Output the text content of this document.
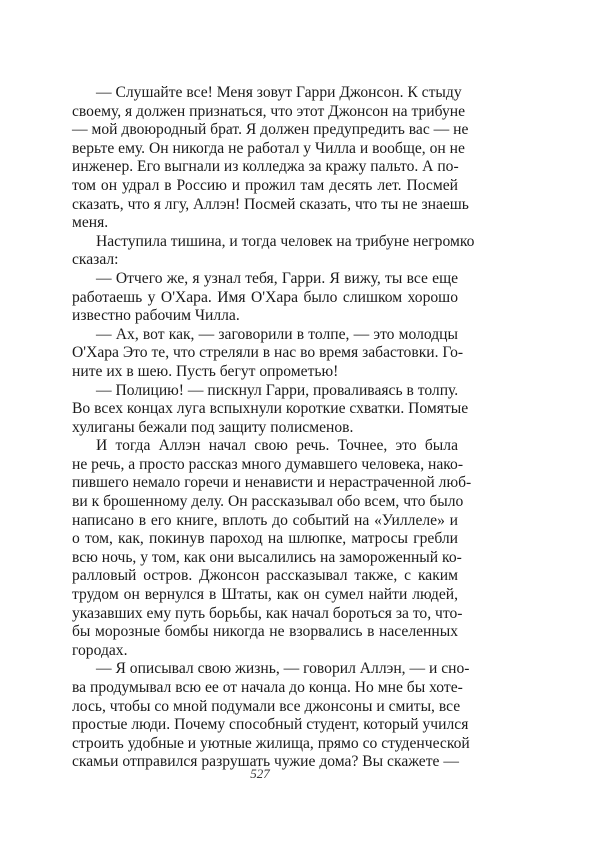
— Слушайте все! Меня зовут Гарри Джонсон. К стыду
своему, я должен признаться, что этот Джонсон на трибуне
— мой двоюродный брат. Я должен предупредить вас — не
верьте ему. Он никогда не работал у Чилла и вообще, он не
инженер. Его выгнали из колледжа за кражу пальто. А по-
том он удрал в Россию и прожил там десять лет. Посмей
сказать, что я лгу, Аллэн! Посмей сказать, что ты не знаешь
меня.
Наступила тишина, и тогда человек на трибуне негромко
сказал:
— Отчего же, я узнал тебя, Гарри. Я вижу, ты все еще
работаешь у О'Хара. Имя О'Хара было слишком хорошо
известно рабочим Чилла.
— Ах, вот как, — заговорили в толпе, — это молодцы
О'Хара Это те, что стреляли в нас во время забастовки. Го-
ните их в шею. Пусть бегут опрометью!
— Полицию! — пискнул Гарри, проваливаясь в толпу.
Во всех концах луга вспыхнули короткие схватки. Помятые
хулиганы бежали под защиту полисменов.
И тогда Аллэн начал свою речь. Точнее, это была
не речь, а просто рассказ много думавшего человека, нако-
пившего немало горечи и ненависти и нерастраченной люб-
ви к брошенному делу. Он рассказывал обо всем, что было
написано в его книге, вплоть до событий на «Уиллеле» и
о том, как, покинув пароход на шлюпке, матросы гребли
всю ночь, у том, как они высалились на замороженный ко-
ралловый остров. Джонсон рассказывал также, с каким
трудом он вернулся в Штаты, как он сумел найти людей,
указавших ему путь борьбы, как начал бороться за то, что-
бы морозные бомбы никогда не взорвались в населенных
городах.
— Я описывал свою жизнь, — говорил Аллэн, — и сно-
ва продумывал всю ее от начала до конца. Но мне бы хоте-
лось, чтобы со мной подумали все джонсоны и смиты, все
простые люди. Почему способный студент, который учился
строить удобные и уютные жилища, прямо со студенческой
скамьи отправился разрушать чужие дома? Вы скажете —
527
